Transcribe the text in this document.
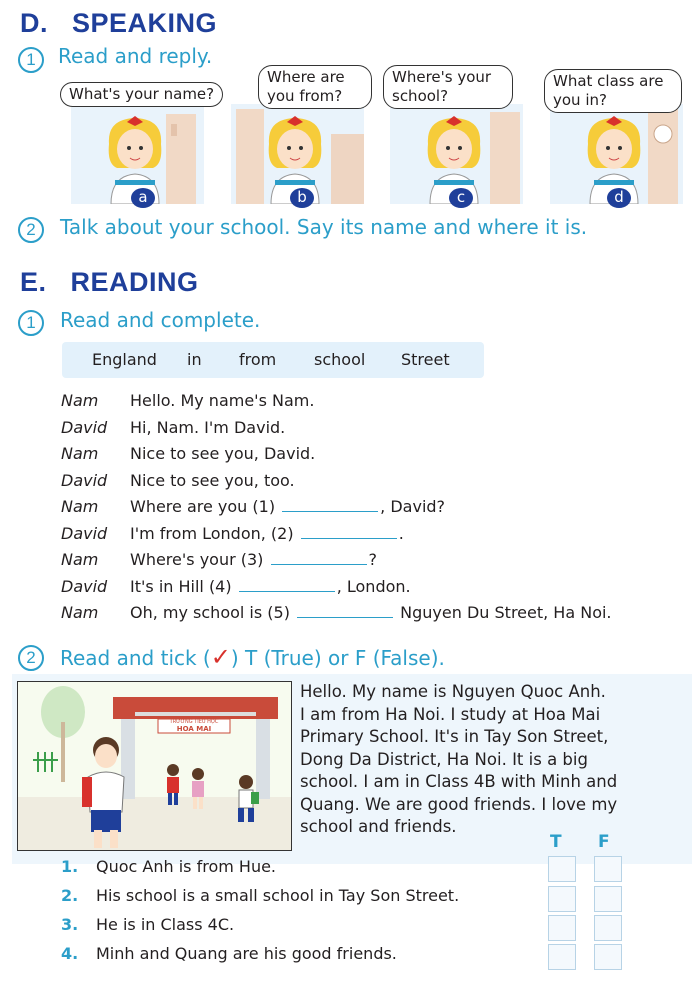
D. SPEAKING
1	Read and reply.
What's your name?
Where are you from?
Where's your school?
What class are you in?
a	b	c	d
2	Talk about your school. Say its name and where it is.
E. READING
1	Read and complete.
England in from school Street
Nam Hello. My name's Nam.
David Hi, Nam. I'm David.
Nam Nice to see you, David.
David Nice to see you, too.
Nam Where are you (1)	, David?
David I'm from London, (2)	.
Nam Where's your (3)	?
David It's in Hill (4)	, London.
Nam Oh, my school is (5)	Nguyen Du Street, Ha Noi.
2	Read and tick (✓) T (True) or F (False).
TRƯỜNG TIỂU HỌC
HOA MAI
Hello. My name is Nguyen Quoc Anh.
I am from Ha Noi. I study at Hoa Mai
Primary School. It's in Tay Son Street,
Dong Da District, Ha Noi. It is a big
school. I am in Class 4B with Minh and
Quang. We are good friends. I love my
school and friends.
T F
1. Quoc Anh is from Hue.
2. His school is a small school in Tay Son Street.
3. He is in Class 4C.
4. Minh and Quang are his good friends.
